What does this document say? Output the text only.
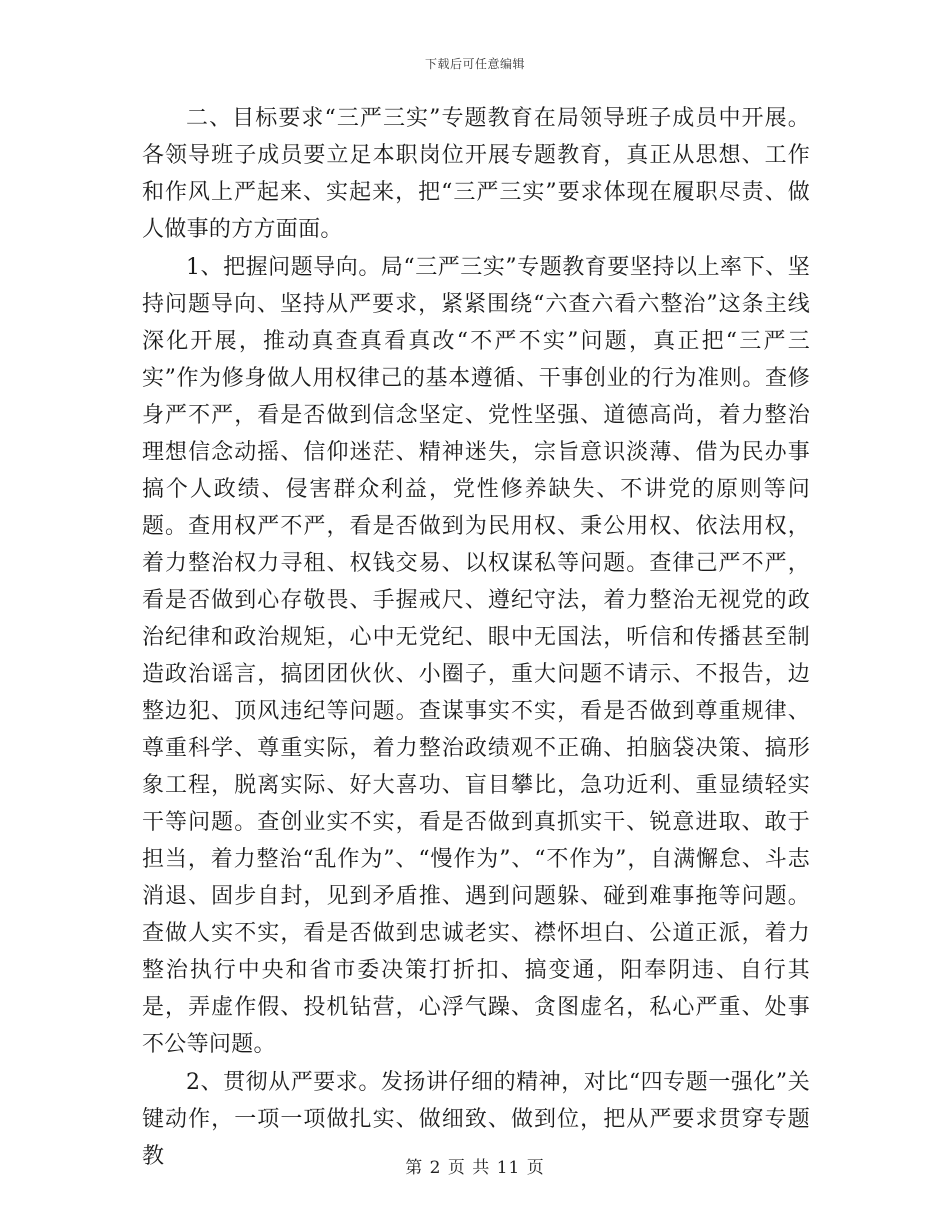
下载后可任意编辑

二、目标要求“三严三实”专题教育在局领导班子成员中开展。各领导班子成员要立足本职岗位开展专题教育，真正从思想、工作和作风上严起来、实起来，把“三严三实”要求体现在履职尽责、做人做事的方方面面。

1、把握问题导向。局“三严三实”专题教育要坚持以上率下、坚持问题导向、坚持从严要求，紧紧围绕“六查六看六整治”这条主线深化开展，推动真查真看真改“不严不实”问题，真正把“三严三实”作为修身做人用权律己的基本遵循、干事创业的行为准则。查修身严不严，看是否做到信念坚定、党性坚强、道德高尚，着力整治理想信念动摇、信仰迷茫、精神迷失，宗旨意识淡薄、借为民办事搞个人政绩、侵害群众利益，党性修养缺失、不讲党的原则等问题。查用权严不严，看是否做到为民用权、秉公用权、依法用权，着力整治权力寻租、权钱交易、以权谋私等问题。查律己严不严，看是否做到心存敬畏、手握戒尺、遵纪守法，着力整治无视党的政治纪律和政治规矩，心中无党纪、眼中无国法，听信和传播甚至制造政治谣言，搞团团伙伙、小圈子，重大问题不请示、不报告，边整边犯、顶风违纪等问题。查谋事实不实，看是否做到尊重规律、尊重科学、尊重实际，着力整治政绩观不正确、拍脑袋决策、搞形象工程，脱离实际、好大喜功、盲目攀比，急功近利、重显绩轻实干等问题。查创业实不实，看是否做到真抓实干、锐意进取、敢于担当，着力整治“乱作为”、“慢作为”、“不作为”，自满懈怠、斗志消退、固步自封，见到矛盾推、遇到问题躲、碰到难事拖等问题。查做人实不实，看是否做到忠诚老实、襟怀坦白、公道正派，着力整治执行中央和省市委决策打折扣、搞变通，阳奉阴违、自行其是，弄虚作假、投机钻营，心浮气躁、贪图虚名，私心严重、处事不公等问题。

2、贯彻从严要求。发扬讲仔细的精神，对比“四专题一强化”关键动作，一项一项做扎实、做细致、做到位，把从严要求贯穿专题教	第 2 页 共 11 页
